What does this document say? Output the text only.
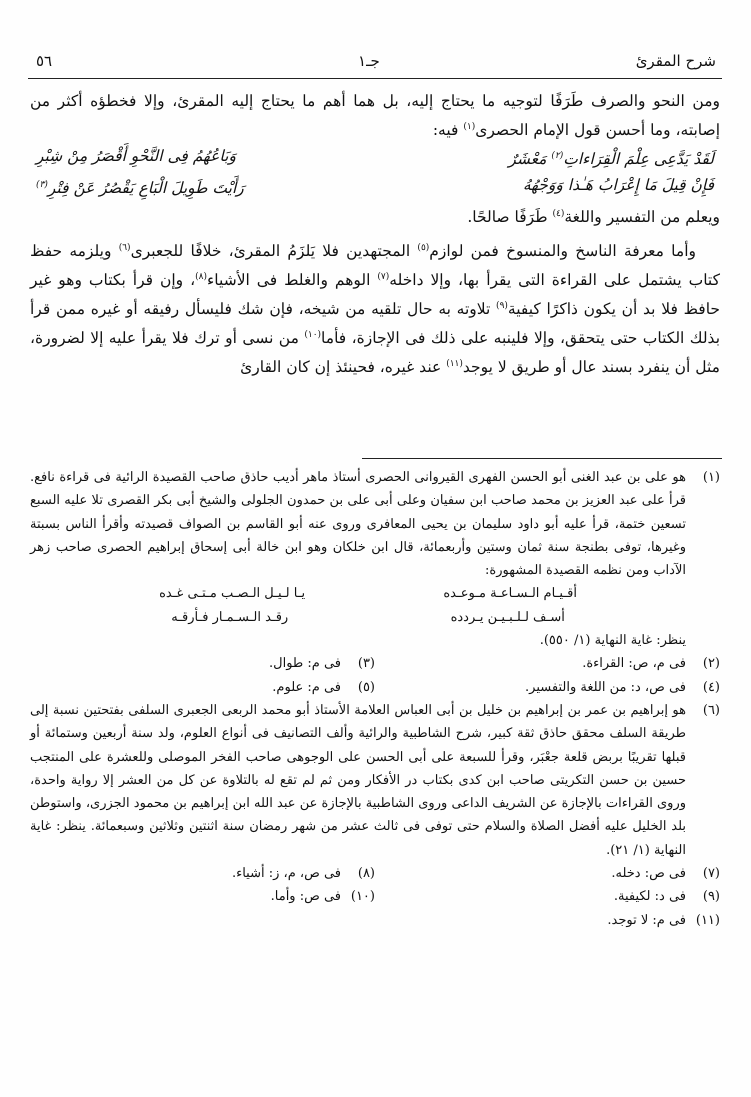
٥٦	جـ١	شرح المقرئ

ومن النحو والصرف طَرَفًا لتوجيه ما يحتاج إليه، بل هما أهم ما يحتاج إليه المقرئ، وإلا فخطؤه أكثر من إصابته، وما أحسن قول الإمام الحصرى$^{(١)}$ فيه:

لَقَدْ يَدَّعِى عِلْمَ الْقِرَاءاتِ$^{(٢)}$ مَعْشَرٌ
وَبَاعُهُمُ فِى النَّحْوِ أَقْصَرُ مِنْ شِبْرِ
فَإِنْ قِيلَ مَا إِعْرَابُ هَـٰذا وَوَجْهُهُ
رَأَيْتَ طَوِيلَ الْبَاعِ يَقْصُرُ عَنْ فِتْرِ$^{(٣)}$

ويعلم من التفسير واللغة$^{(٤)}$ طَرَفًا صالحًا.

وأما معرفة الناسخ والمنسوخ فمن لوازم$^{(٥)}$ المجتهدين فلا يَلزَمُ المقرئ، خلافًا للجعبرى$^{(٦)}$ ويلزمه حفظ كتاب يشتمل على القراءة التى يقرأ بها، وإلا داخله$^{(٧)}$ الوهم والغلط فى الأشياء$^{(٨)}$، وإن قرأ بكتاب وهو غير حافظ فلا بد أن يكون ذاكرًا كيفية$^{(٩)}$ تلاوته به حال تلقيه من شيخه، فإن شك فليسأل رفيقه أو غيره ممن قرأ بذلك الكتاب حتى يتحقق، وإلا فلينبه على ذلك فى الإجازة، فأما$^{(١٠)}$ من نسى أو ترك فلا يقرأ عليه إلا لضرورة، مثل أن ينفرد بسند عال أو طريق لا يوجد$^{(١١)}$ عند غيره، فحينئذ إن كان القارئ

(١)
هو على بن عبد الغنى أبو الحسن الفهرى القيروانى الحصرى أستاذ ماهر أديب حاذق صاحب القصيدة الرائية فى قراءة نافع. قرأ على عبد العزيز بن محمد صاحب ابن سفيان وعلى أبى على بن حمدون الجلولى والشيخ أبى بكر القصرى تلا عليه السبع تسعين ختمة، قرأ عليه أبو داود سليمان بن يحيى المعافرى وروى عنه أبو القاسم بن الصواف قصيدته وأقرأ الناس بسبتة وغيرها، توفى بطنجة سنة ثمان وستين وأربعمائة، قال ابن خلكان وهو ابن خالة أبى إسحاق إبراهيم الحصرى صاحب زهر الآداب ومن نظمه القصيدة المشهورة:
أقـيـام الـسـاعـة مـوعـده
يـا لـيـل الـصـب مـتـى غـده
أسـف لـلـبـيـن يـردده
رقـد الـسـمـار فـأرقـه
ينظر: غاية النهاية (١/ ٥٥٠).
(٢)
فى م، ص: القراءة.
(٣)
فى م: طوال.
(٤)
فى ص، د: من اللغة والتفسير.
(٥)
فى م: علوم.
(٦)
هو إبراهيم بن عمر بن إبراهيم بن خليل بن أبى العباس العلامة الأستاذ أبو محمد الربعى الجعبرى السلفى بفتحتين نسبة إلى طريقة السلف محقق حاذق ثقة كبير، شرح الشاطبية والرائية وألف التصانيف فى أنواع العلوم، ولد سنة أربعين وستمائة أو قبلها تقريبًا بربض قلعة جعْبَر، وقرأ للسبعة على أبى الحسن على الوجوهى صاحب الفخر الموصلى وللعشرة على المنتجب حسين بن حسن التكريتى صاحب ابن كدى بكتاب در الأفكار ومن ثم لم تقع له بالتلاوة عن كل من العشر إلا رواية واحدة، وروى القراءات بالإجازة عن الشريف الداعى وروى الشاطبية بالإجازة عن عبد الله ابن إبراهيم بن محمود الجزرى، واستوطن بلد الخليل عليه أفضل الصلاة والسلام حتى توفى فى ثالث عشر من شهر رمضان سنة اثنتين وثلاثين وسبعمائة. ينظر: غاية النهاية (١/ ٢١).
(٧)
فى ص: دخله.
(٨)
فى ص، م، ز: أشياء.
(٩)
فى د: لكيفية.
(١٠)
فى ص: وأما.
(١١)
فى م: لا توجد.
